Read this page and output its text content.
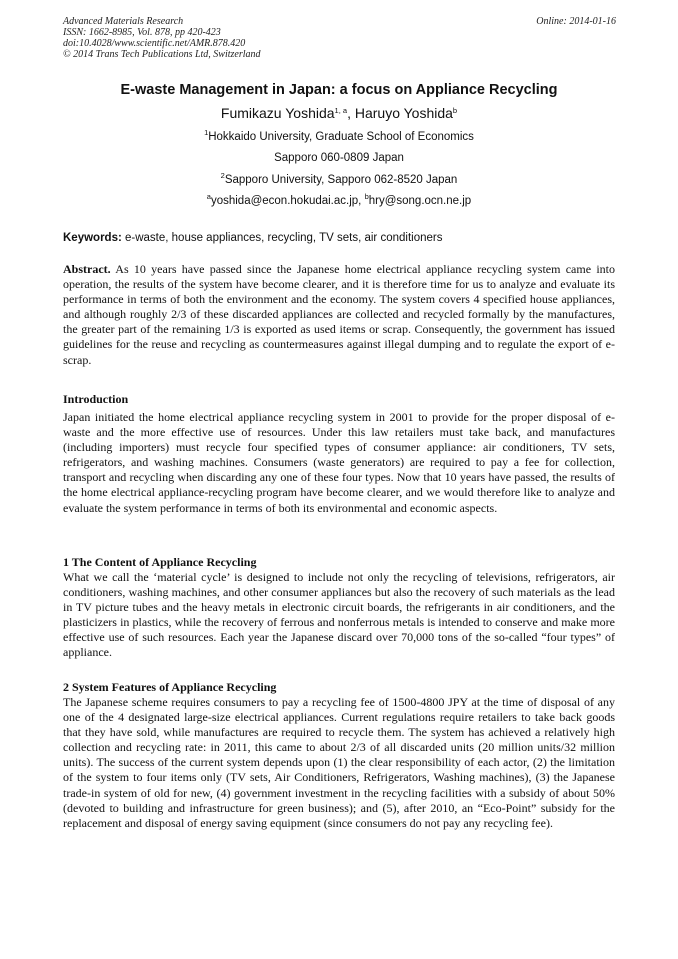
Advanced Materials Research
ISSN: 1662-8985, Vol. 878, pp 420-423
doi:10.4028/www.scientific.net/AMR.878.420
© 2014 Trans Tech Publications Ltd, Switzerland
Online: 2014-01-16
E-waste Management in Japan: a focus on Appliance Recycling
Fumikazu Yoshida$^{1, a}$, Haruyo Yoshida$^b$
$^1$Hokkaido University, Graduate School of Economics
Sapporo 060-0809 Japan
$^2$Sapporo University, Sapporo 062-8520 Japan
$^a$yoshida@econ.hokudai.ac.jp, $^b$hry@song.ocn.ne.jp
Keywords: e-waste, house appliances, recycling, TV sets, air conditioners
Abstract. As 10 years have passed since the Japanese home electrical appliance recycling system came into operation, the results of the system have become clearer, and it is therefore time for us to analyze and evaluate its performance in terms of both the environment and the economy. The system covers 4 specified house appliances, and although roughly 2/3 of these discarded appliances are collected and recycled formally by the manufactures, the greater part of the remaining 1/3 is exported as used items or scrap. Consequently, the government has issued guidelines for the reuse and recycling as countermeasures against illegal dumping and to regulate the export of e-scrap.
Introduction
Japan initiated the home electrical appliance recycling system in 2001 to provide for the proper disposal of e-waste and the more effective use of resources. Under this law retailers must take back, and manufactures (including importers) must recycle four specified types of consumer appliance: air conditioners, TV sets, refrigerators, and washing machines. Consumers (waste generators) are required to pay a fee for collection, transport and recycling when discarding any one of these four types. Now that 10 years have passed, the results of the home electrical appliance-recycling program have become clearer, and we would therefore like to analyze and evaluate the system performance in terms of both its environmental and economic aspects.
1 The Content of Appliance Recycling
What we call the ‘material cycle’ is designed to include not only the recycling of televisions, refrigerators, air conditioners, washing machines, and other consumer appliances but also the recovery of such materials as the lead in TV picture tubes and the heavy metals in electronic circuit boards, the refrigerants in air conditioners, and the plasticizers in plastics, while the recovery of ferrous and nonferrous metals is intended to conserve and make more effective use of such resources. Each year the Japanese discard over 70,000 tons of the so-called “four types” of appliance.
2 System Features of Appliance Recycling
The Japanese scheme requires consumers to pay a recycling fee of 1500-4800 JPY at the time of disposal of any one of the 4 designated large-size electrical appliances. Current regulations require retailers to take back goods that they have sold, while manufactures are required to recycle them. The system has achieved a relatively high collection and recycling rate: in 2011, this came to about 2/3 of all discarded units (20 million units/32 million units). The success of the current system depends upon (1) the clear responsibility of each actor, (2) the limitation of the system to four items only (TV sets, Air Conditioners, Refrigerators, Washing machines), (3) the Japanese trade-in system of old for new, (4) government investment in the recycling facilities with a subsidy of about 50% (devoted to building and infrastructure for green business); and (5), after 2010, an “Eco-Point” subsidy for the replacement and disposal of energy saving equipment (since consumers do not pay any recycling fee).
